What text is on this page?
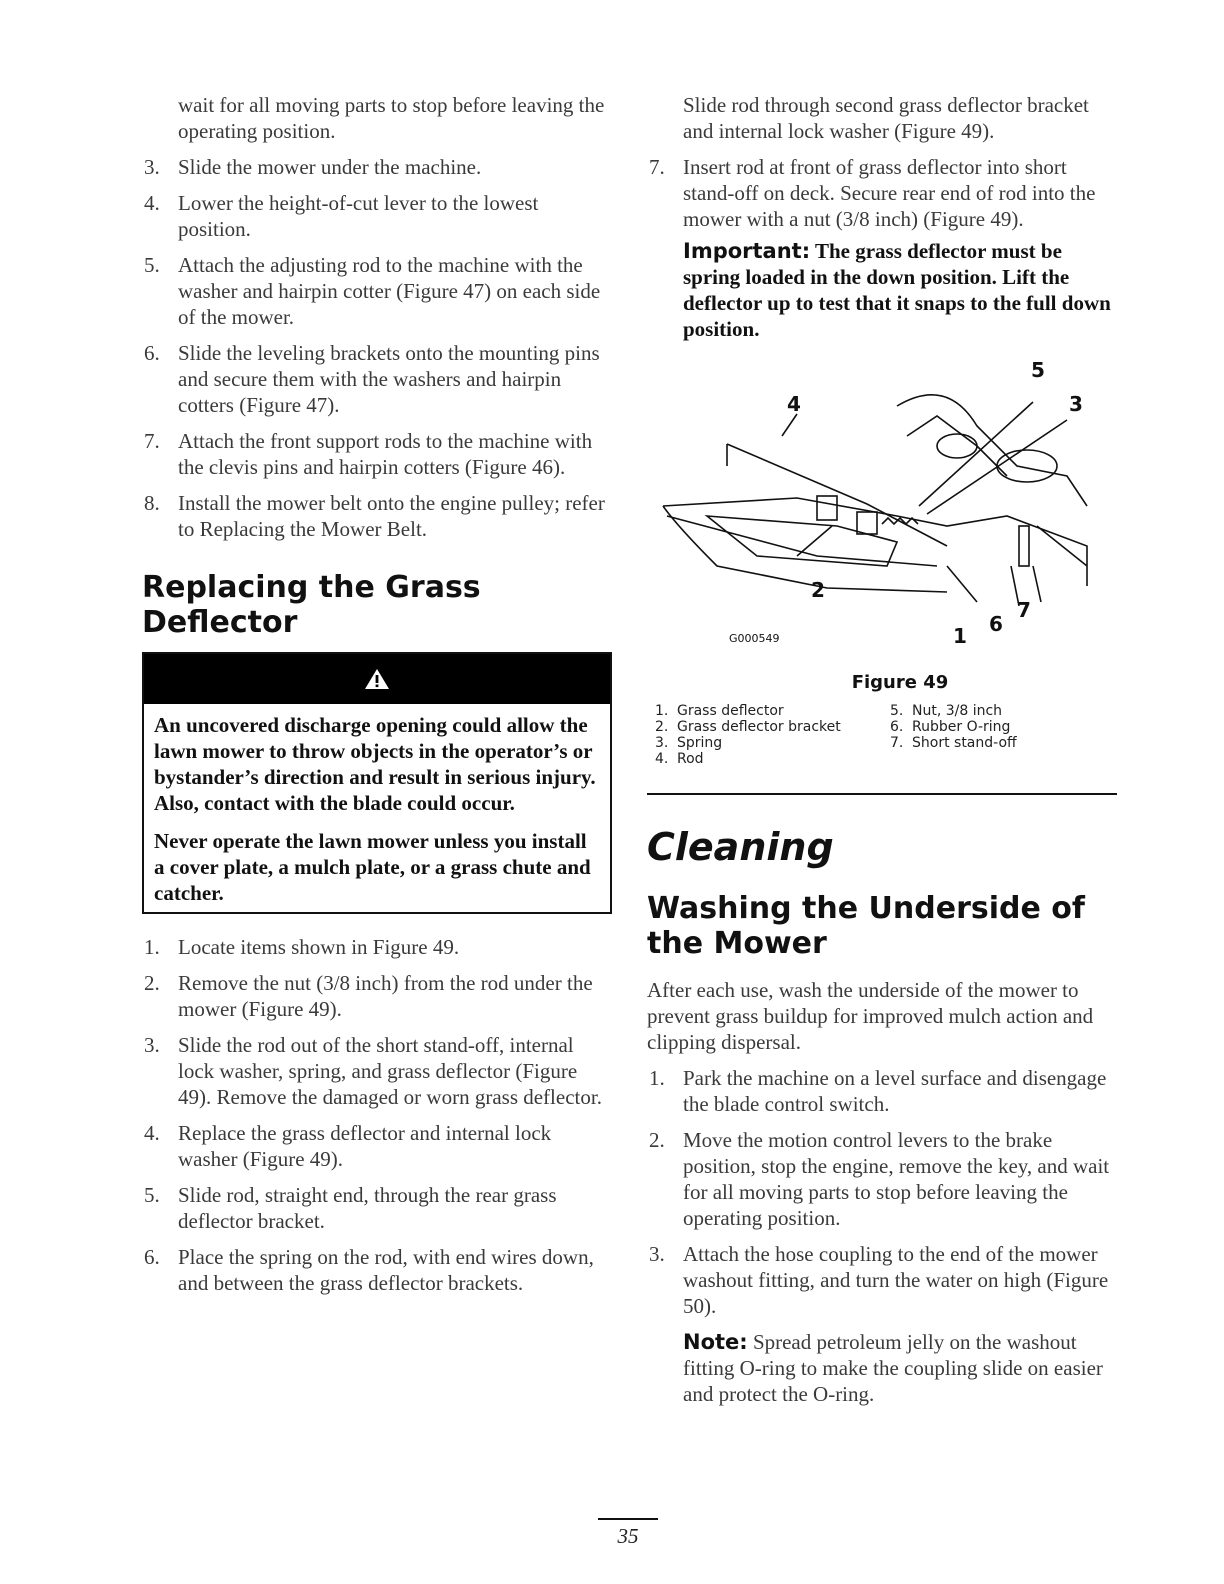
wait for all moving parts to stop before leaving the operating position.

3. Slide the mower under the machine.
4. Lower the height-of-cut lever to the lowest position.
5. Attach the adjusting rod to the machine with the washer and hairpin cotter (Figure 47) on each side of the mower.
6. Slide the leveling brackets onto the mounting pins and secure them with the washers and hairpin cotters (Figure 47).
7. Attach the front support rods to the machine with the clevis pins and hairpin cotters (Figure 46).
8. Install the mower belt onto the engine pulley; refer to Replacing the Mower Belt.
Replacing the Grass Deflector

An uncovered discharge opening could allow the lawn mower to throw objects in the operator’s or bystander’s direction and result in serious injury. Also, contact with the blade could occur.

Never operate the lawn mower unless you install a cover plate, a mulch plate, or a grass chute and catcher.

1. Locate items shown in Figure 49.
2. Remove the nut (3/8 inch) from the rod under the mower (Figure 49).
3. Slide the rod out of the short stand-off, internal lock washer, spring, and grass deflector (Figure 49). Remove the damaged or worn grass deflector.
4. Replace the grass deflector and internal lock washer (Figure 49).
5. Slide rod, straight end, through the rear grass deflector bracket.
6. Place the spring on the rod, with end wires down, and between the grass deflector brackets.

Slide rod through second grass deflector bracket and internal lock washer (Figure 49).

7. Insert rod at front of grass deflector into short stand-off on deck. Secure rear end of rod into the mower with a nut (3/8 inch) (Figure 49).

Important: The grass deflector must be spring loaded in the down position. Lift the deflector up to test that it snaps to the full down position.

4
5
3
2
1 6
7
G000549
Figure 49
1. Grass deflector
2. Grass deflector bracket
3. Spring
4. Rod
5. Nut, 3/8 inch
6. Rubber O-ring
7. Short stand-off
Cleaning
Washing the Underside of the Mower

After each use, wash the underside of the mower to prevent grass buildup for improved mulch action and clipping dispersal.

1. Park the machine on a level surface and disengage the blade control switch.
2. Move the motion control levers to the brake position, stop the engine, remove the key, and wait for all moving parts to stop before leaving the operating position.
3. Attach the hose coupling to the end of the mower washout fitting, and turn the water on high (Figure 50).

Note: Spread petroleum jelly on the washout fitting O-ring to make the coupling slide on easier and protect the O-ring.

35
